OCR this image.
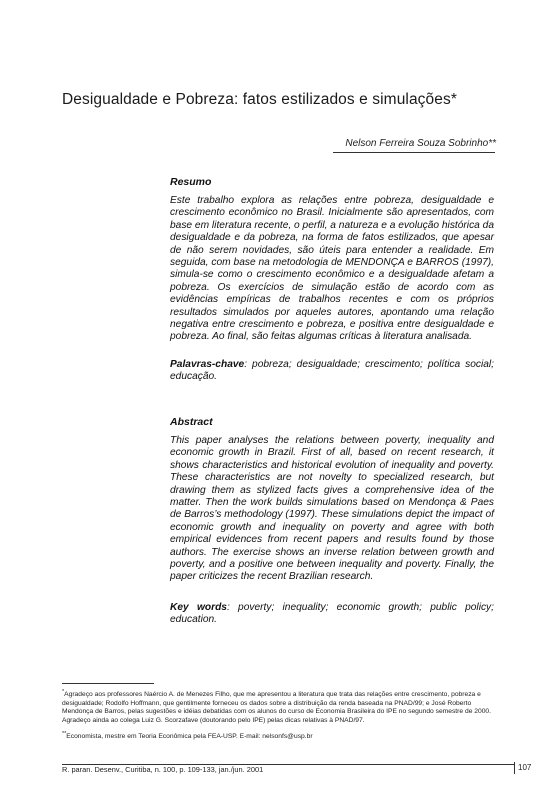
Desigualdade e Pobreza: fatos estilizados e simulações*
Nelson Ferreira Souza Sobrinho**
Resumo

Este trabalho explora as relações entre pobreza, desigualdade e crescimento econômico no Brasil. Inicialmente são apresentados, com base em literatura recente, o perfil, a natureza e a evolução histórica da desigualdade e da pobreza, na forma de fatos estilizados, que apesar de não serem novidades, são úteis para entender a realidade. Em seguida, com base na metodologia de MENDONÇA e BARROS (1997), simula-se como o crescimento econômico e a desigualdade afetam a pobreza. Os exercícios de simulação estão de acordo com as evidências empíricas de trabalhos recentes e com os próprios resultados simulados por aqueles autores, apontando uma relação negativa entre crescimento e pobreza, e positiva entre desigualdade e pobreza. Ao final, são feitas algumas críticas à literatura analisada.

Palavras-chave: pobreza; desigualdade; crescimento; política social; educação.

Abstract

This paper analyses the relations between poverty, inequality and economic growth in Brazil. First of all, based on recent research, it shows characteristics and historical evolution of inequality and poverty. These characteristics are not novelty to specialized research, but drawing them as stylized facts gives a comprehensive idea of the matter. Then the work builds simulations based on Mendonça & Paes de Barros’s methodology (1997). These simulations depict the impact of economic growth and inequality on poverty and agree with both empirical evidences from recent papers and results found by those authors. The exercise shows an inverse relation between growth and poverty, and a positive one between inequality and poverty. Finally, the paper criticizes the recent Brazilian research.

Key words: poverty; inequality; economic growth; public policy; education.

*Agradeço aos professores Naércio A. de Menezes Filho, que me apresentou a literatura que trata das relações entre crescimento, pobreza e desigualdade; Rodolfo Hoffmann, que gentilmente forneceu os dados sobre a distribuição da renda baseada na PNAD/99; e José Roberto Mendonça de Barros, pelas sugestões e idéias debatidas com os alunos do curso de Economia Brasileira do IPE no segundo semestre de 2000. Agradeço ainda ao colega Luiz G. Scorzafave (doutorando pelo IPE) pelas dicas relativas à PNAD/97.

**Economista, mestre em Teoria Econômica pela FEA-USP. E-mail: nelsonfs@usp.br

R. paran. Desenv., Curitiba, n. 100, p. 109-133, jan./jun. 2001	107
